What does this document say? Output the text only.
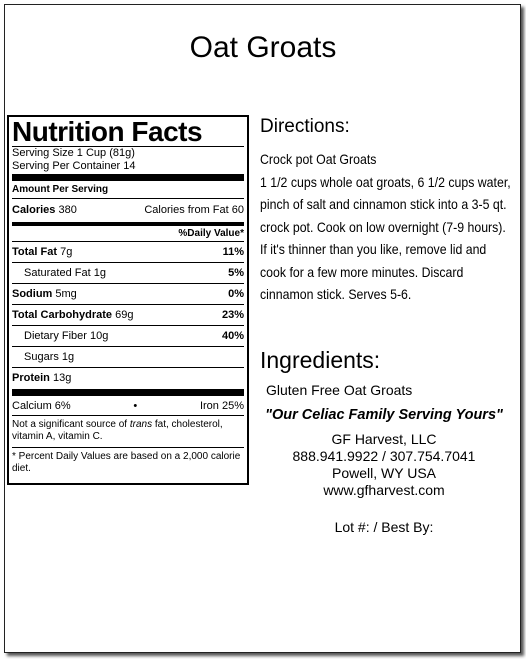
Oat Groats
Nutrition Facts
Serving Size 1 Cup (81g)
Serving Per Container 14
Amount Per Serving
Calories 380	Calories from Fat 60
%Daily Value*
Total Fat 7g	11%
Saturated Fat 1g	5%
Sodium 5mg	0%
Total Carbohydrate 69g	23%
Dietary Fiber 10g	40%
Sugars 1g
Protein 13g
Calcium 6%	•	Iron 25%
Not a significant source of trans fat, cholesterol, vitamin A, vitamin C.
* Percent Daily Values are based on a 2,000 calorie diet.
Directions:
Crock pot Oat Groats
1 1/2 cups whole oat groats, 6 1/2 cups water,
pinch of salt and cinnamon stick into a 3-5 qt.
crock pot. Cook on low overnight (7-9 hours).
If it's thinner than you like, remove lid and
cook for a few more minutes. Discard
cinnamon stick. Serves 5-6.
Ingredients:
Gluten Free Oat Groats
"Our Celiac Family Serving Yours"
GF Harvest, LLC
888.941.9922 / 307.754.7041
Powell, WY USA
www.gfharvest.com
Lot #: / Best By:
